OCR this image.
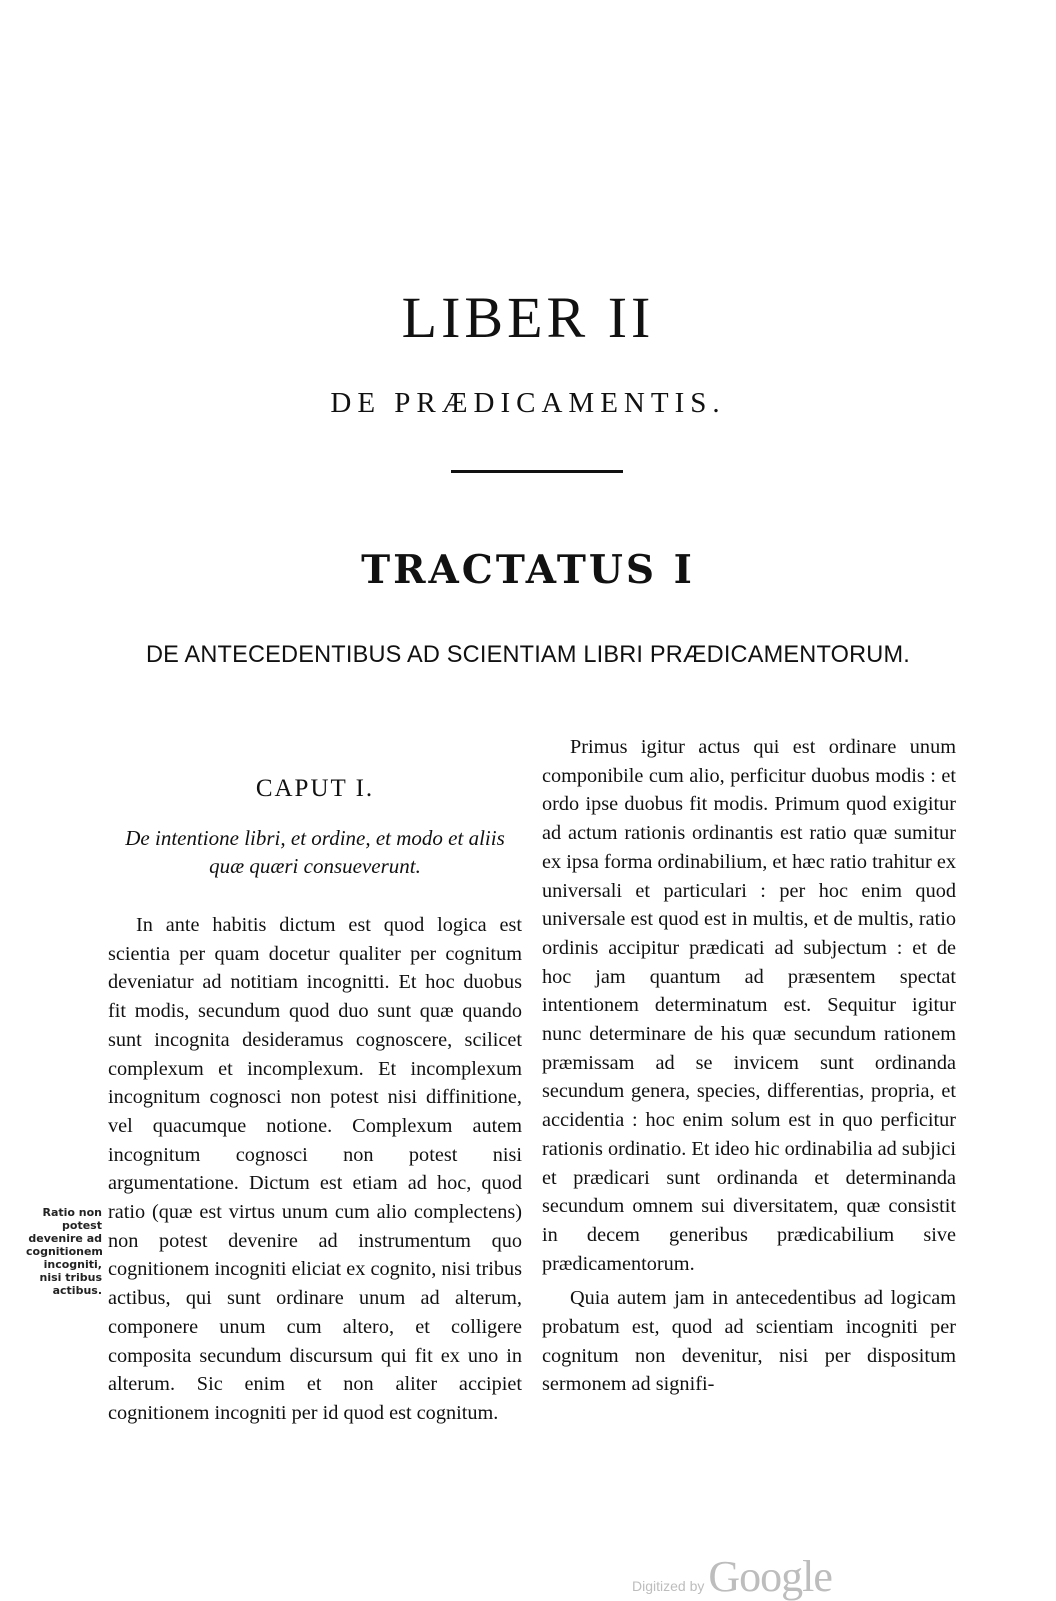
LIBER II
DE PRÆDICAMENTIS.
TRACTATUS I
DE ANTECEDENTIBUS AD SCIENTIAM LIBRI PRÆDICAMENTORUM.
CAPUT I.
De intentione libri, et ordine, et modo et aliis quæ quæri consueverunt.

In ante habitis dictum est quod logica est scientia per quam docetur qualiter per cognitum deveniatur ad notitiam incognitti. Et hoc duobus fit modis, secundum quod duo sunt quæ quando sunt incognita desideramus cognoscere, scilicet complexum et incomplexum. Et incomplexum incognitum cognosci non potest nisi diffinitione, vel quacumque notione. Complexum autem incognitum cognosci non potest nisi argumentatione. Dictum est etiam ad hoc, quod ratio (quæ est virtus unum cum alio complectens) non potest devenire ad instrumentum quo cognitionem incogniti eliciat ex cognito, nisi tribus actibus, qui sunt ordinare unum ad alterum, componere unum cum altero, et colligere composita secundum discursum qui fit ex uno in alterum. Sic enim et non aliter accipiet cognitionem incogniti per id quod est cognitum.

Ratio non potest devenire ad cognitionem incogniti, nisi tribus actibus.

Primus igitur actus qui est ordinare unum componibile cum alio, perficitur duobus modis : et ordo ipse duobus fit modis. Primum quod exigitur ad actum rationis ordinantis est ratio quæ sumitur ex ipsa forma ordinabilium, et hæc ratio trahitur ex universali et particulari : per hoc enim quod universale est quod est in multis, et de multis, ratio ordinis accipitur prædicati ad subjectum : et de hoc jam quantum ad præsentem spectat intentionem determinatum est. Sequitur igitur nunc determinare de his quæ secundum rationem præmissam ad se invicem sunt ordinanda secundum genera, species, differentias, propria, et accidentia : hoc enim solum est in quo perficitur rationis ordinatio. Et ideo hic ordinabilia ad subjici et prædicari sunt ordinanda et determinanda secundum omnem sui diversitatem, quæ consistit in decem generibus prædicabilium sive prædicamentorum.

Quia autem jam in antecedentibus ad logicam probatum est, quod ad scientiam incogniti per cognitum non devenitur, nisi per dispositum sermonem ad signifi-

Digitized by Google
